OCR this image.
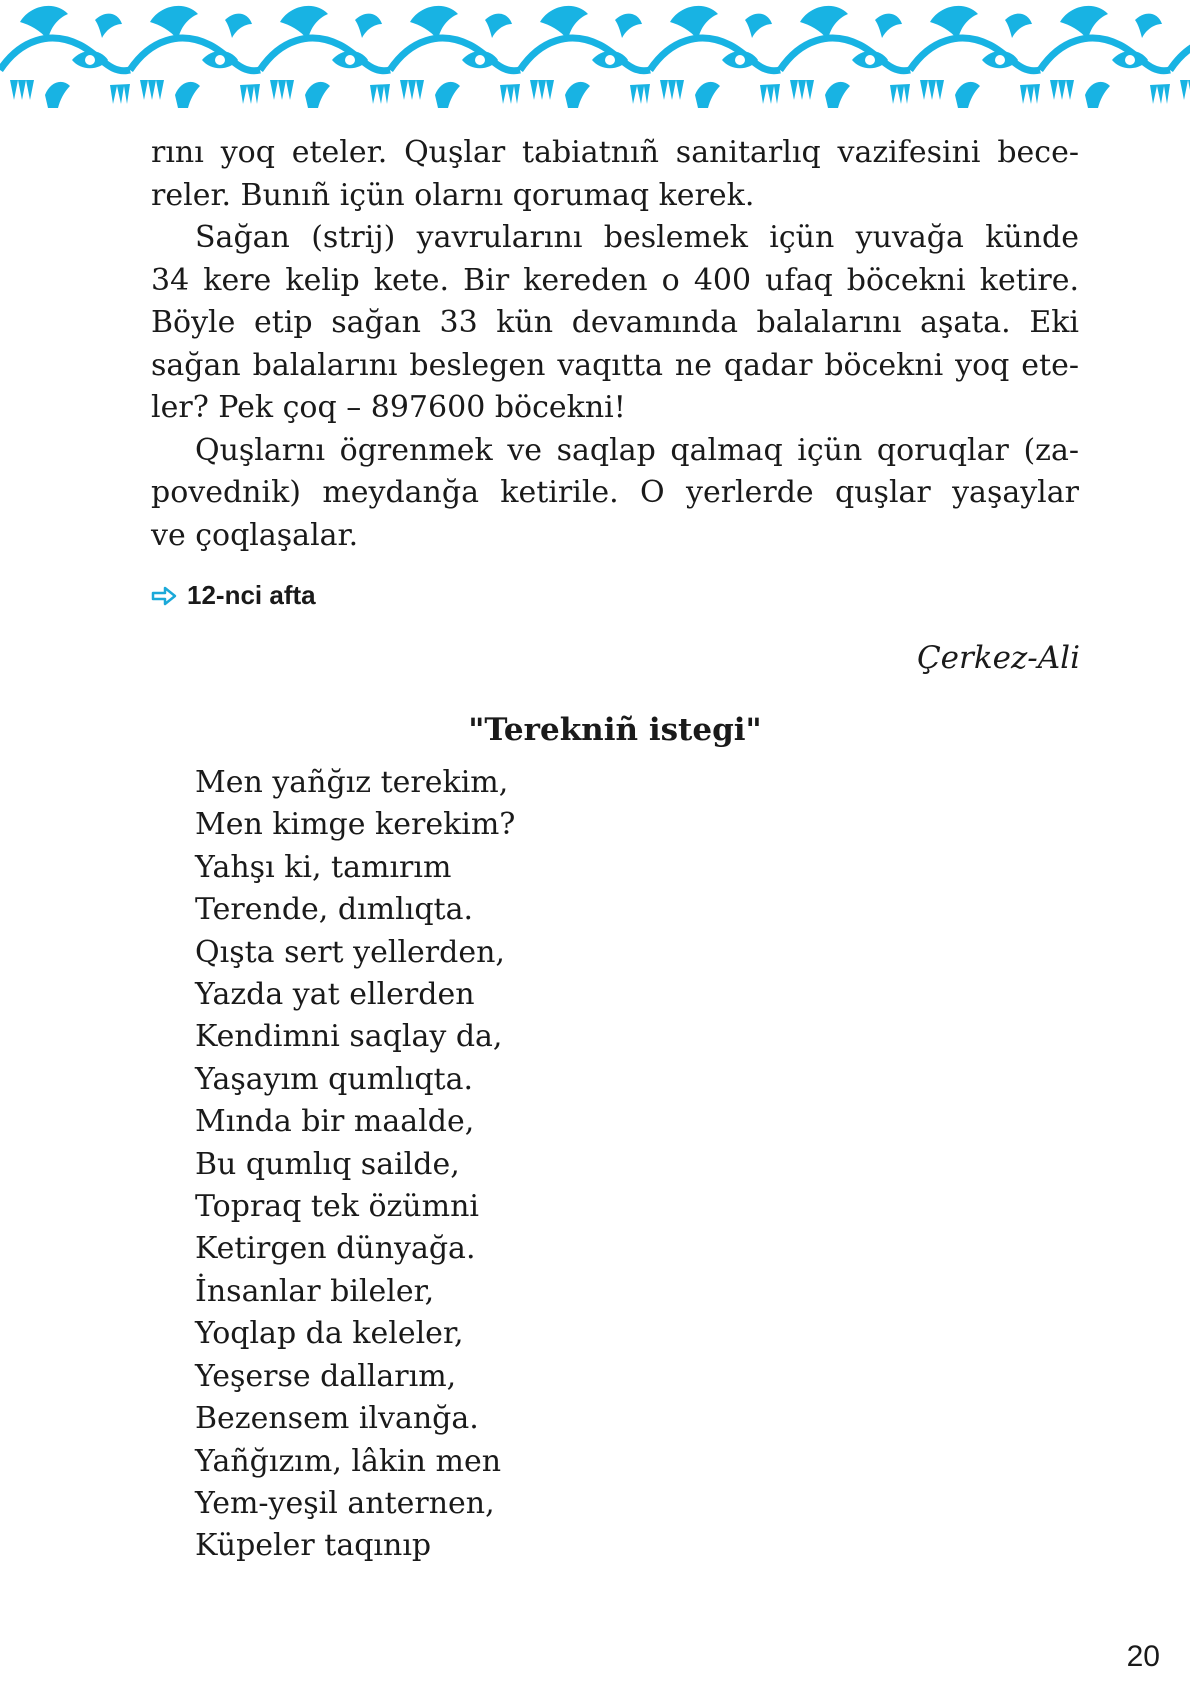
rını yoq eteler. Quşlar tabiatnıñ sanitarlıq vazifesini bece-
reler. Bunıñ içün olarnı qorumaq kerek.

Sağan (strij) yavrularını beslemek içün yuvağa künde
34 kere kelip kete. Bir kereden o 400 ufaq böcekni ketire.
Böyle etip sağan 33 kün devamında balalarını aşata. Eki
sağan balalarını beslegen vaqıtta ne qadar böcekni yoq ete-
ler? Pek çoq – 897600 böcekni!

Quşlarnı ögrenmek ve saqlap qalmaq içün qoruqlar (za-
povednik) meydanğa ketirile. O yerlerde quşlar yaşaylar
ve çoqlaşalar.

12-nci afta
Çerkez-Ali
"Terekniñ istegi"
Men yañğız terekim,
Men kimge kerekim?
Yahşı ki, tamırım
Terende, dımlıqta.
Qışta sert yellerden,
Yazda yat ellerden
Kendimni saqlay da,
Yaşayım qumlıqta.
Mında bir maalde,
Bu qumlıq sailde,
Topraq tek özümni
Ketirgen dünyağa.
İnsanlar bileler,
Yoqlap da keleler,
Yeşerse dallarım,
Bezensem ilvanğa.
Yañğızım, lâkin men
Yem-yeşil anternen,
Küpeler taqınıp
20
